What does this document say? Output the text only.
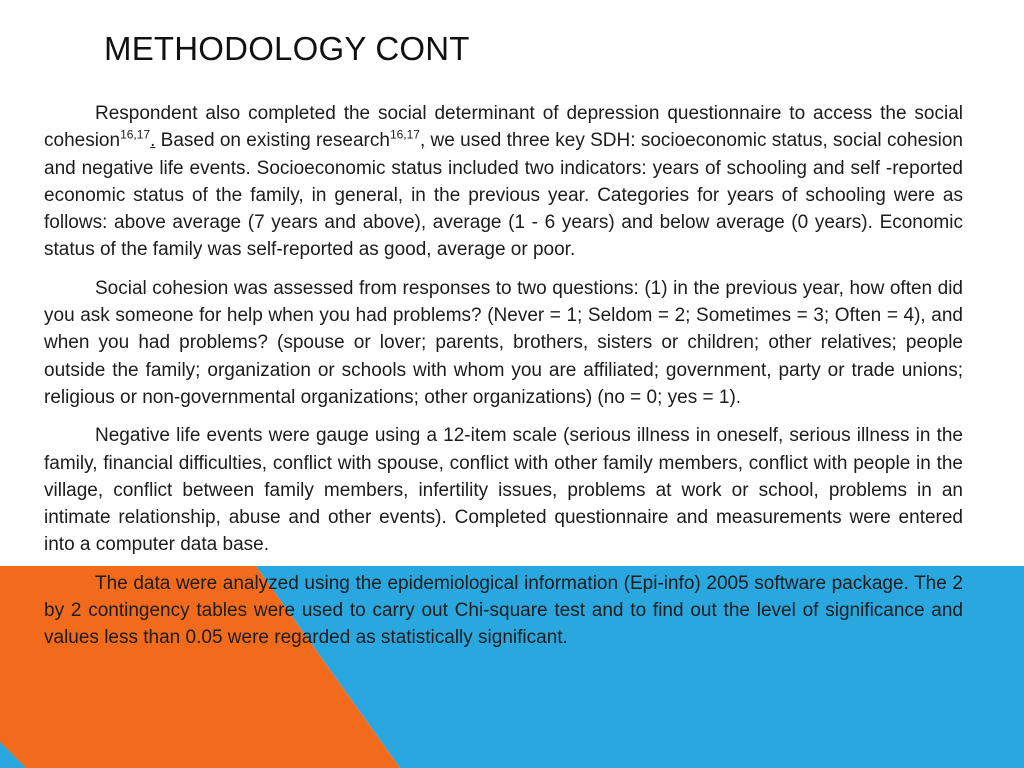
METHODOLOGY CONT

Respondent also completed the social determinant of depression questionnaire to access the social cohesion$^{16,17}$. Based on existing research$^{16,17}$, we used three key SDH: socioeconomic status, social cohesion and negative life events. Socioeconomic status included two indicators: years of schooling and self -reported economic status of the family, in general, in the previous year. Categories for years of schooling were as follows: above average (7 years and above), average (1 - 6 years) and below average (0 years). Economic status of the family was self-reported as good, average or poor.

Social cohesion was assessed from responses to two questions: (1) in the previous year, how often did you ask someone for help when you had problems? (Never = 1; Seldom = 2; Sometimes = 3; Often = 4), and when you had problems? (spouse or lover; parents, brothers, sisters or children; other relatives; people outside the family; organization or schools with whom you are affiliated; government, party or trade unions; religious or non-governmental organizations; other organizations) (no = 0; yes = 1).

Negative life events were gauge using a 12-item scale (serious illness in oneself, serious illness in the family, financial difficulties, conflict with spouse, conflict with other family members, conflict with people in the village, conflict between family members, infertility issues, problems at work or school, problems in an intimate relationship, abuse and other events). Completed questionnaire and measurements were entered into a computer data base.

The data were analyzed using the epidemiological information (Epi-info) 2005 software package. The 2 by 2 contingency tables were used to carry out Chi-square test and to find out the level of significance and values less than 0.05 were regarded as statistically significant.
